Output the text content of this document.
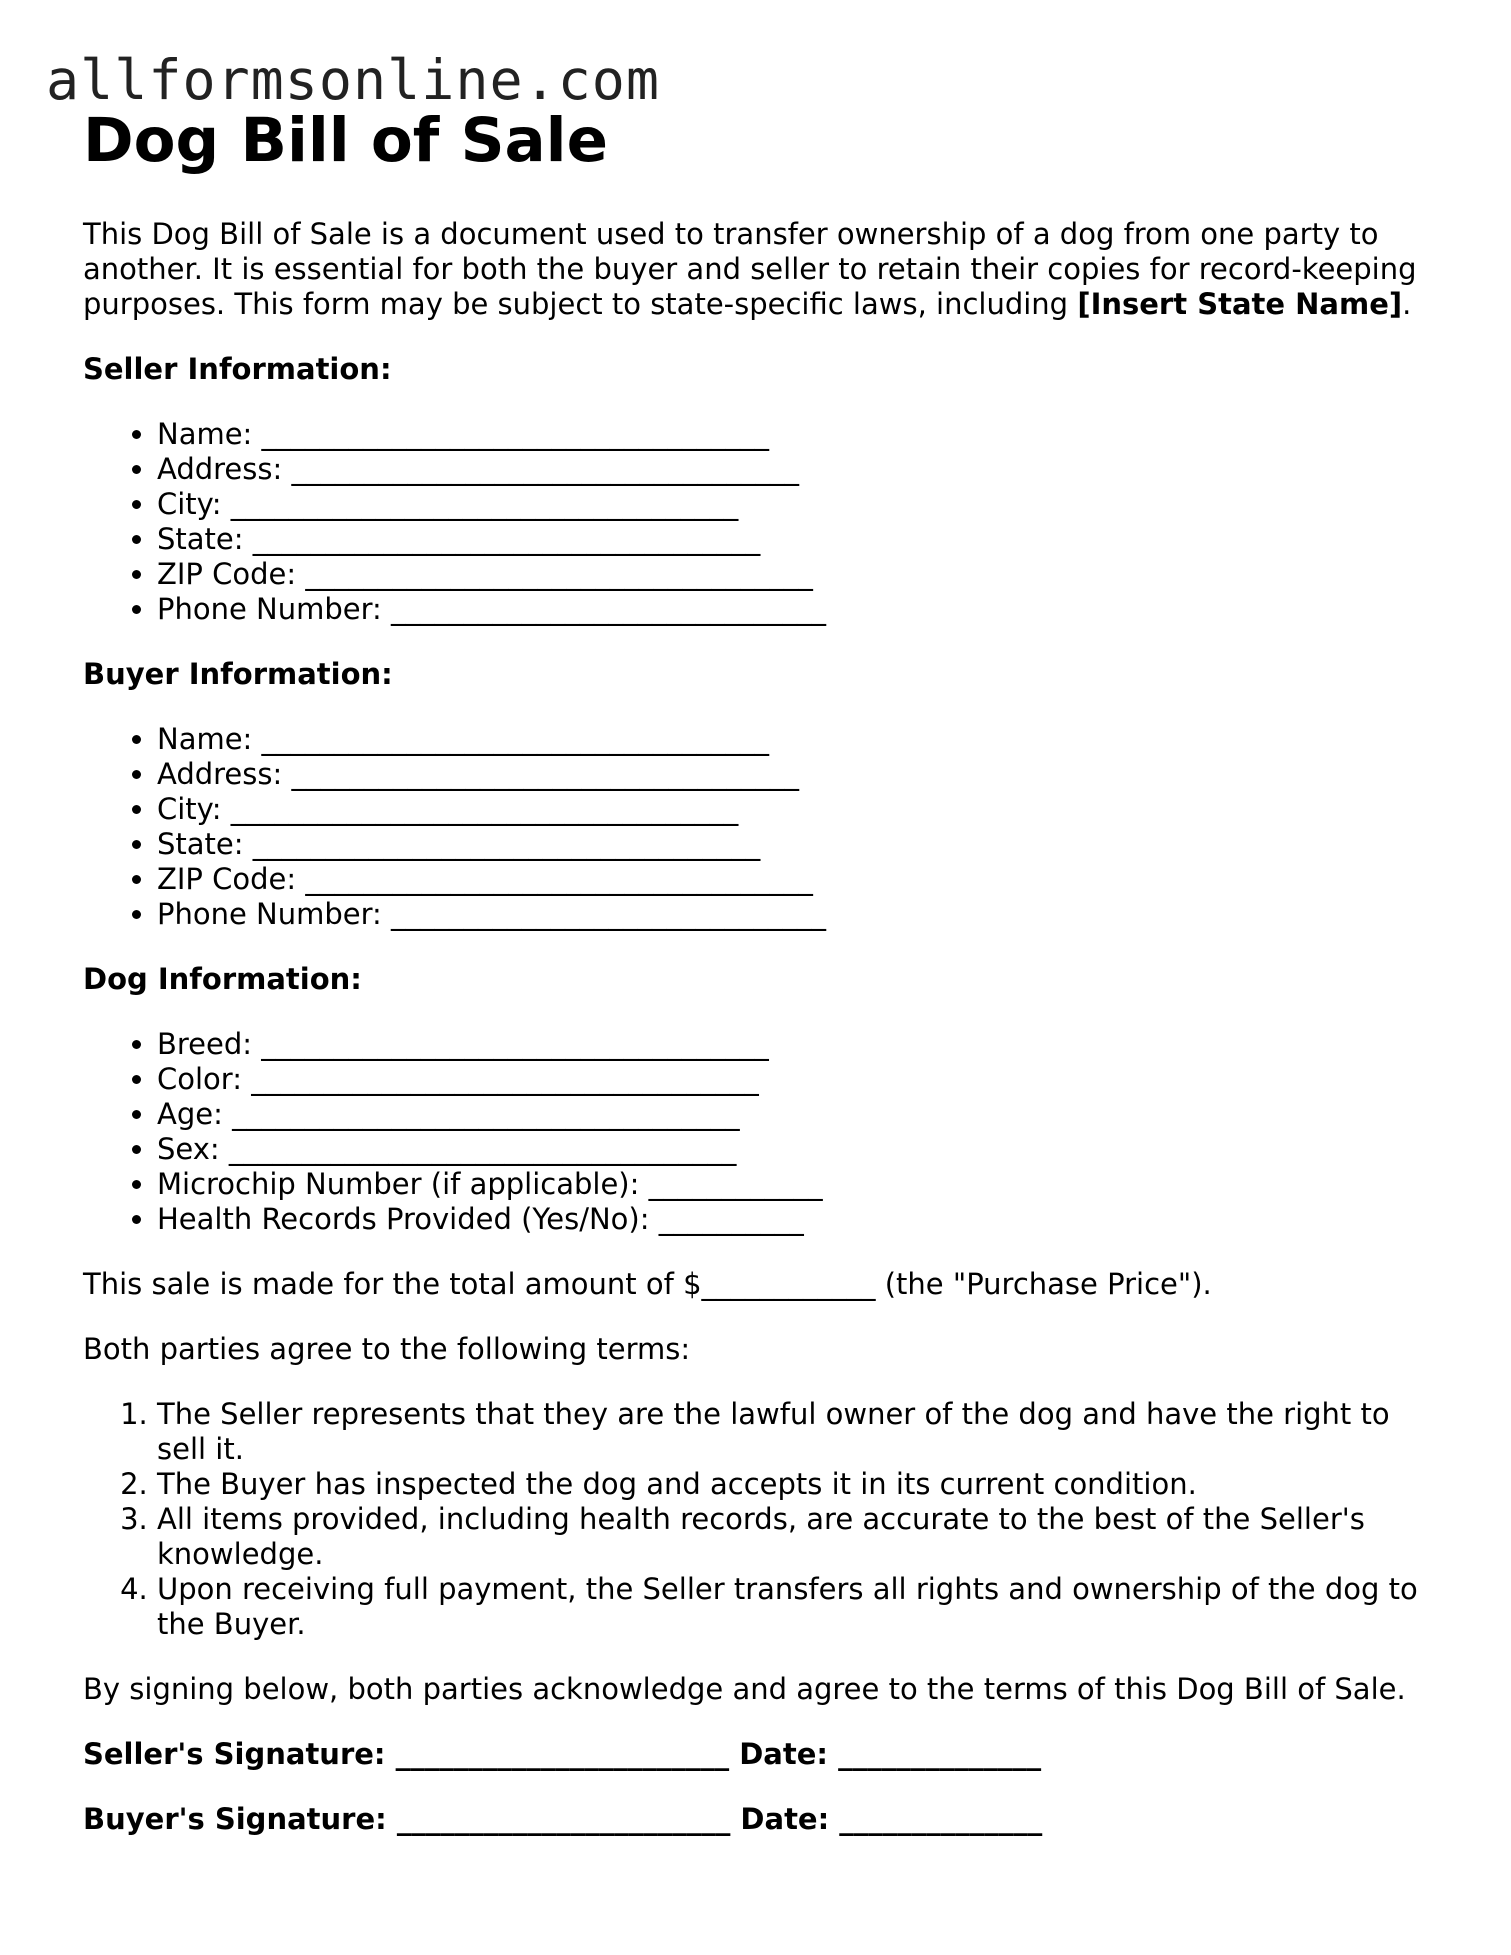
allformsonline.com
Dog Bill of Sale

This Dog Bill of Sale is a document used to transfer ownership of a dog from one party to another. It is essential for both the buyer and seller to retain their copies for record-keeping purposes. This form may be subject to state-specific laws, including [Insert State Name].

Seller Information:
• Name: ___________________________________
• Address: ___________________________________
• City: ___________________________________
• State: ___________________________________
• ZIP Code: ___________________________________
• Phone Number: ______________________________
Buyer Information:
• Name: ___________________________________
• Address: ___________________________________
• City: ___________________________________
• State: ___________________________________
• ZIP Code: ___________________________________
• Phone Number: ______________________________
Dog Information:
• Breed: ___________________________________
• Color: ___________________________________
• Age: ___________________________________
• Sex: ___________________________________
• Microchip Number (if applicable): ____________
• Health Records Provided (Yes/No): __________

This sale is made for the total amount of $____________ (the "Purchase Price").

Both parties agree to the following terms:

1. The Seller represents that they are the lawful owner of the dog and have the right to sell it.
2. The Buyer has inspected the dog and accepts it in its current condition.
3. All items provided, including health records, are accurate to the best of the Seller's knowledge.
4. Upon receiving full payment, the Seller transfers all rights and ownership of the dog to the Buyer.

By signing below, both parties acknowledge and agree to the terms of this Dog Bill of Sale.

Seller's Signature: _______________________ Date: ______________

Buyer's Signature: _______________________ Date: ______________
